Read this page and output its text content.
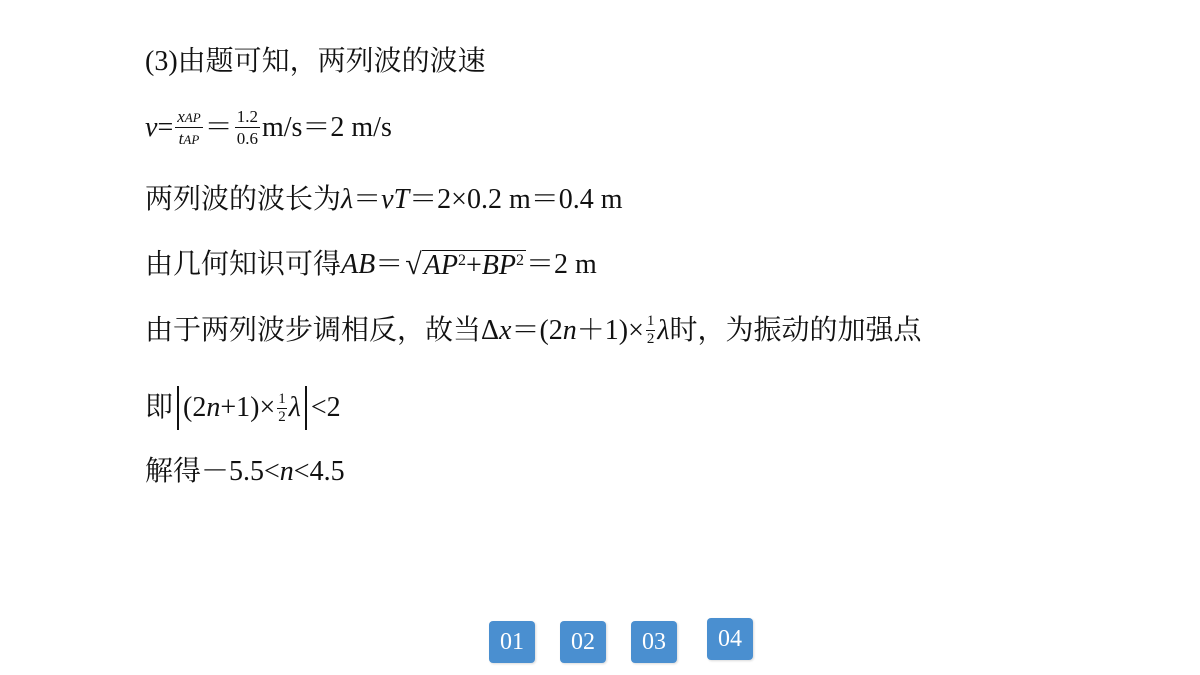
(3)由题可知，两列波的波速
$v = \frac{\text{xAP}}{\text{tAP}} = \frac{1.2}{0.6} m/s=2$ m/s
两列波的波长为 λ ＝ vT ＝2×0.2 m＝0.4 m
由几何知识可得 AB ＝ √ $AP^2+BP^2 =2$ m
由于两列波步调相反，故当Δ x ＝(2 $n +1)\times \frac{1}{2}$ λ 时，为振动的加强点
即 (2 $n +1)\times \frac{1}{2}$ λ <2
解得－5.5< n <4.5
01	02	03	04
